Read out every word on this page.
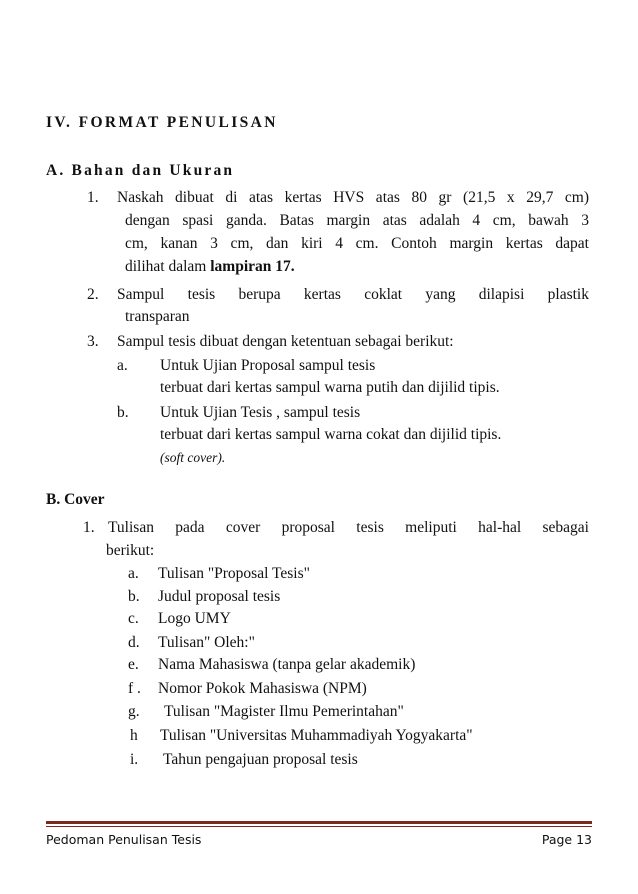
IV. FORMAT PENULISAN
A. Bahan dan Ukuran
1. Naskah dibuat di atas kertas HVS atas 80 gr (21,5 x 29,7 cm)
dengan spasi ganda. Batas margin atas adalah 4 cm, bawah 3
cm, kanan 3 cm, dan kiri 4 cm. Contoh margin kertas dapat
dilihat dalam lampiran 17.
2. Sampul tesis berupa kertas coklat yang dilapisi plastik
transparan
3. Sampul tesis dibuat dengan ketentuan sebagai berikut:
a. Untuk Ujian Proposal sampul tesis
terbuat dari kertas sampul warna putih dan dijilid tipis.
b. Untuk Ujian Tesis , sampul tesis
terbuat dari kertas sampul warna cokat dan dijilid tipis.
(soft cover).
B. Cover
1. Tulisan pada cover proposal tesis meliputi hal-hal sebagai
berikut:
a. Tulisan "Proposal Tesis"
b. Judul proposal tesis
c. Logo UMY
d. Tulisan" Oleh:"
e. Nama Mahasiswa (tanpa gelar akademik)
f . Nomor Pokok Mahasiswa (NPM)
g. Tulisan "Magister Ilmu Pemerintahan"
h Tulisan "Universitas Muhammadiyah Yogyakarta"
i. Tahun pengajuan proposal tesis
Pedoman Penulisan Tesis	Page 13
